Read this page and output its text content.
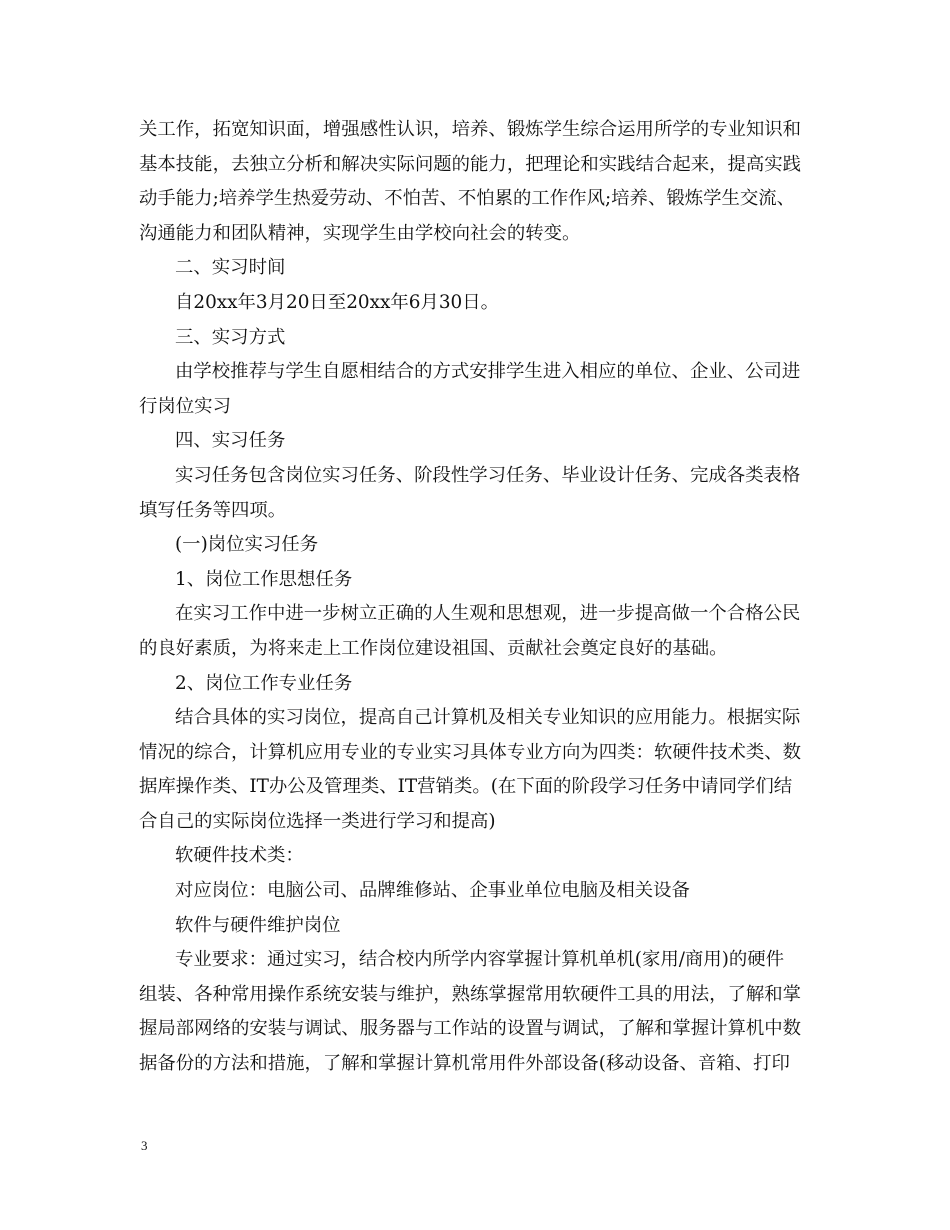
关工作，拓宽知识面，增强感性认识，培养、锻炼学生综合运用所学的专业知识和

基本技能，去独立分析和解决实际问题的能力，把理论和实践结合起来，提高实践

动手能力;培养学生热爱劳动、不怕苦、不怕累的工作作风;培养、锻炼学生交流、

沟通能力和团队精神，实现学生由学校向社会的转变。

二、实习时间

自20xx年3月20日至20xx年6月30日。

三、实习方式

由学校推荐与学生自愿相结合的方式安排学生进入相应的单位、企业、公司进

行岗位实习

四、实习任务

实习任务包含岗位实习任务、阶段性学习任务、毕业设计任务、完成各类表格

填写任务等四项。

(一)岗位实习任务

1、岗位工作思想任务

在实习工作中进一步树立正确的人生观和思想观，进一步提高做一个合格公民

的良好素质，为将来走上工作岗位建设祖国、贡献社会奠定良好的基础。

2、岗位工作专业任务

结合具体的实习岗位，提高自己计算机及相关专业知识的应用能力。根据实际

情况的综合，计算机应用专业的专业实习具体专业方向为四类：软硬件技术类、数

据库操作类、IT办公及管理类、IT营销类。(在下面的阶段学习任务中请同学们结

合自己的实际岗位选择一类进行学习和提高)

软硬件技术类：

对应岗位：电脑公司、品牌维修站、企事业单位电脑及相关设备

软件与硬件维护岗位

专业要求：通过实习，结合校内所学内容掌握计算机单机(家用/商用)的硬件

组装、各种常用操作系统安装与维护，熟练掌握常用软硬件工具的用法，了解和掌

握局部网络的安装与调试、服务器与工作站的设置与调试，了解和掌握计算机中数

据备份的方法和措施，了解和掌握计算机常用件外部设备(移动设备、音箱、打印

3
